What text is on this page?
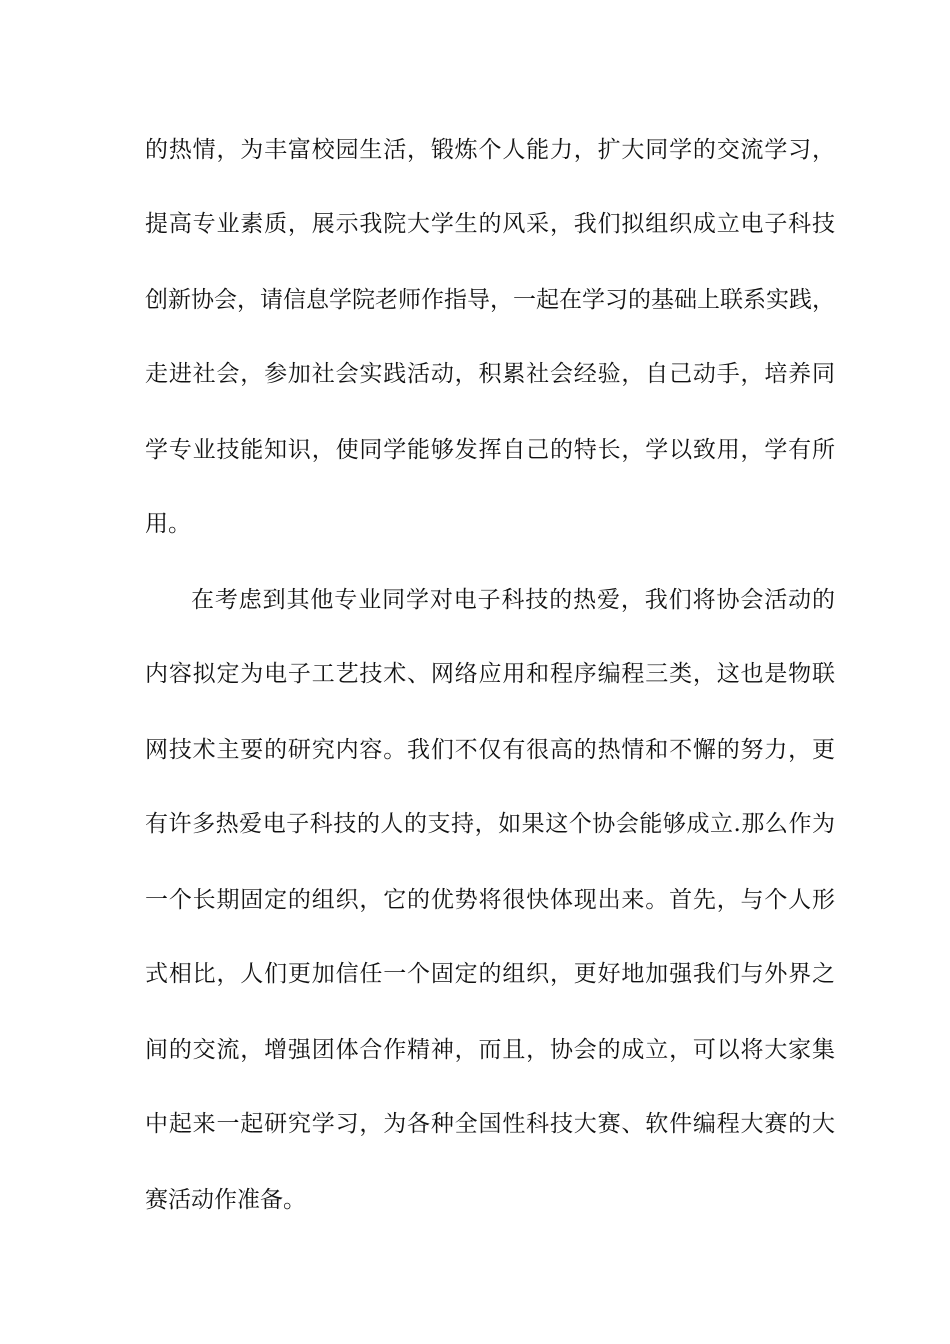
的热情，为丰富校园生活，锻炼个人能力，扩大同学的交流学习，
提高专业素质，展示我院大学生的风采，我们拟组织成立电子科技
创新协会，请信息学院老师作指导，一起在学习的基础上联系实践，
走进社会，参加社会实践活动，积累社会经验，自己动手，培养同
学专业技能知识，使同学能够发挥自己的特长，学以致用，学有所
用。
在考虑到其他专业同学对电子科技的热爱，我们将协会活动的
内容拟定为电子工艺技术、网络应用和程序编程三类，这也是物联
网技术主要的研究内容。我们不仅有很高的热情和不懈的努力，更
有许多热爱电子科技的人的支持，如果这个协会能够成立.那么作为
一个长期固定的组织，它的优势将很快体现出来。首先，与个人形
式相比，人们更加信任一个固定的组织，更好地加强我们与外界之
间的交流，增强团体合作精神，而且，协会的成立，可以将大家集
中起来一起研究学习，为各种全国性科技大赛、软件编程大赛的大
赛活动作准备。
